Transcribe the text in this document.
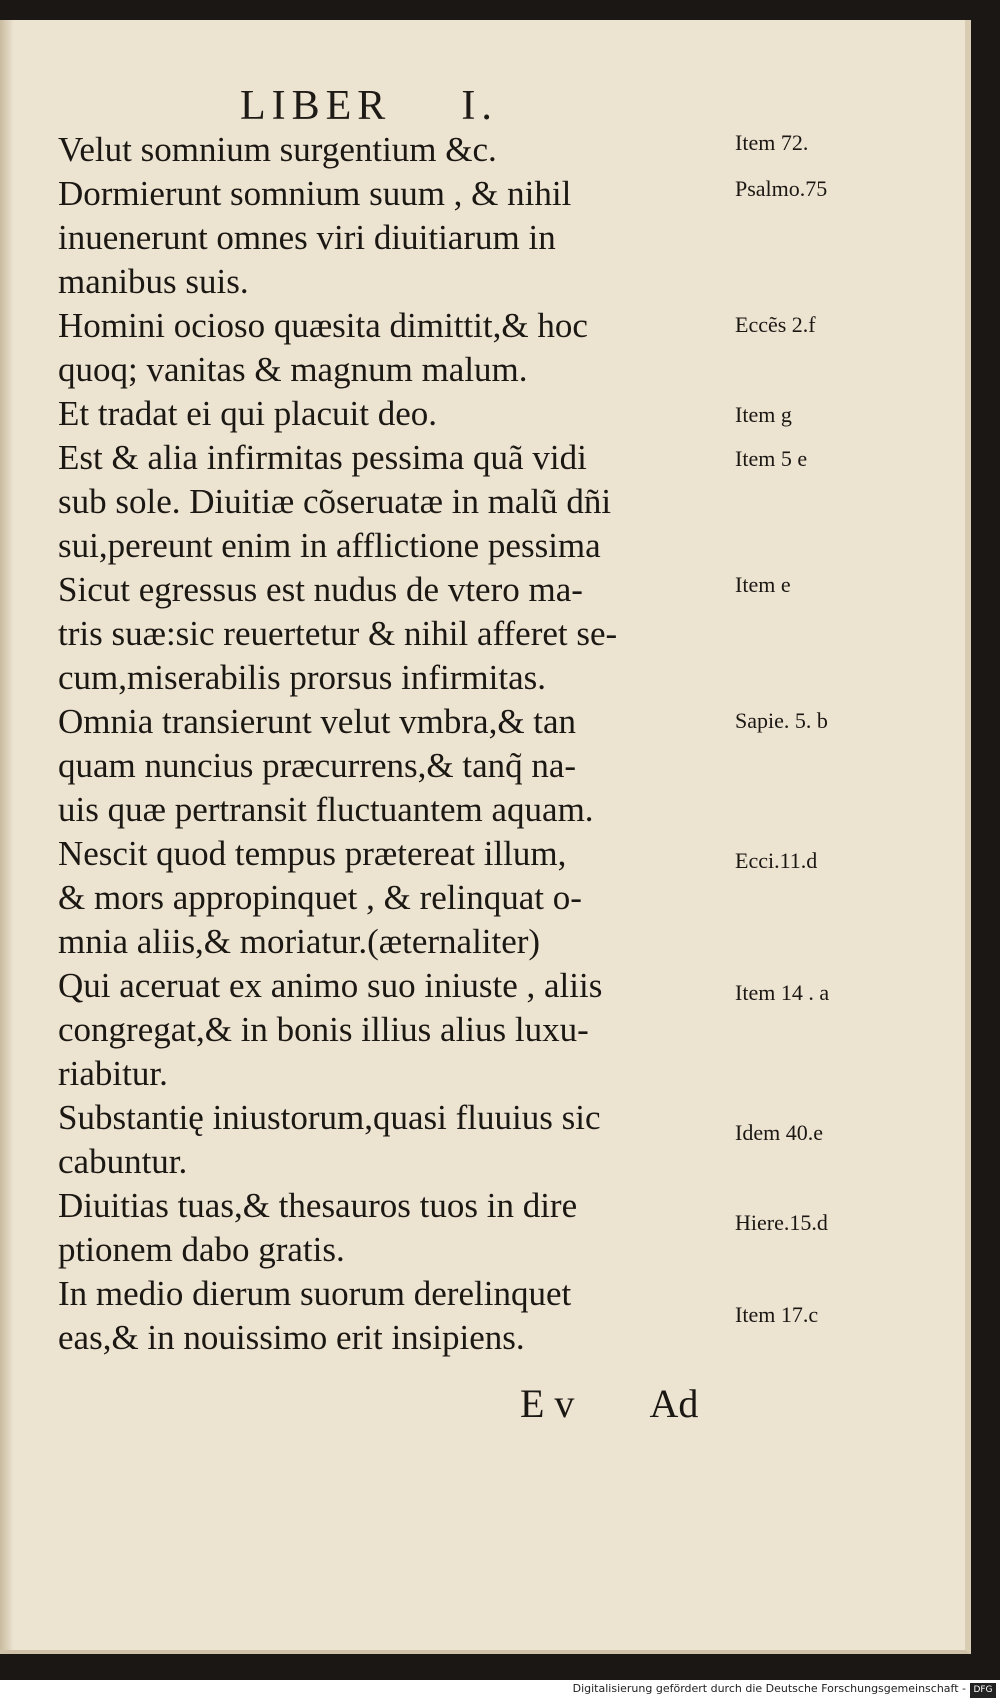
LIBER I.
Velut somnium surgentium &c.
Dormierunt somnium suum , & nihil
inuenerunt omnes viri diuitiarum in
manibus suis.
Homini ocioso quæsita dimittit,& hoc
quoq; vanitas & magnum malum.
Et tradat ei qui placuit deo.
Est & alia infirmitas pessima quã vidi
sub sole. Diuitiæ cõseruatæ in malũ dñi
sui,pereunt enim in afflictione pessima
Sicut egressus est nudus de vtero ma-
tris suæ:sic reuertetur & nihil afferet se-
cum,miserabilis prorsus infirmitas.
Omnia transierunt velut vmbra,& tan
quam nuncius præcurrens,& tanq̃ na-
uis quæ pertransit fluctuantem aquam.
Nescit quod tempus prætereat illum,
& mors appropinquet , & relinquat o-
mnia aliis,& moriatur.(æternaliter)
Qui aceruat ex animo suo iniuste , aliis
congregat,& in bonis illius alius luxu-
riabitur.
Substantię iniustorum,quasi fluuius sic
cabuntur.
Diuitias tuas,& thesauros tuos in dire
ptionem dabo gratis.
In medio dierum suorum derelinquet
eas,& in nouissimo erit insipiens.
Item 72.
Psalmo.75
Eccẽs 2.f
Item g
Item 5 e
Item e
Sapie. 5. b
Ecci.11.d
Item 14 . a
Idem 40.e
Hiere.15.d
Item 17.c
E v Ad
Digitalisierung gefördert durch die Deutsche Forschungsgemeinschaft - DFG
